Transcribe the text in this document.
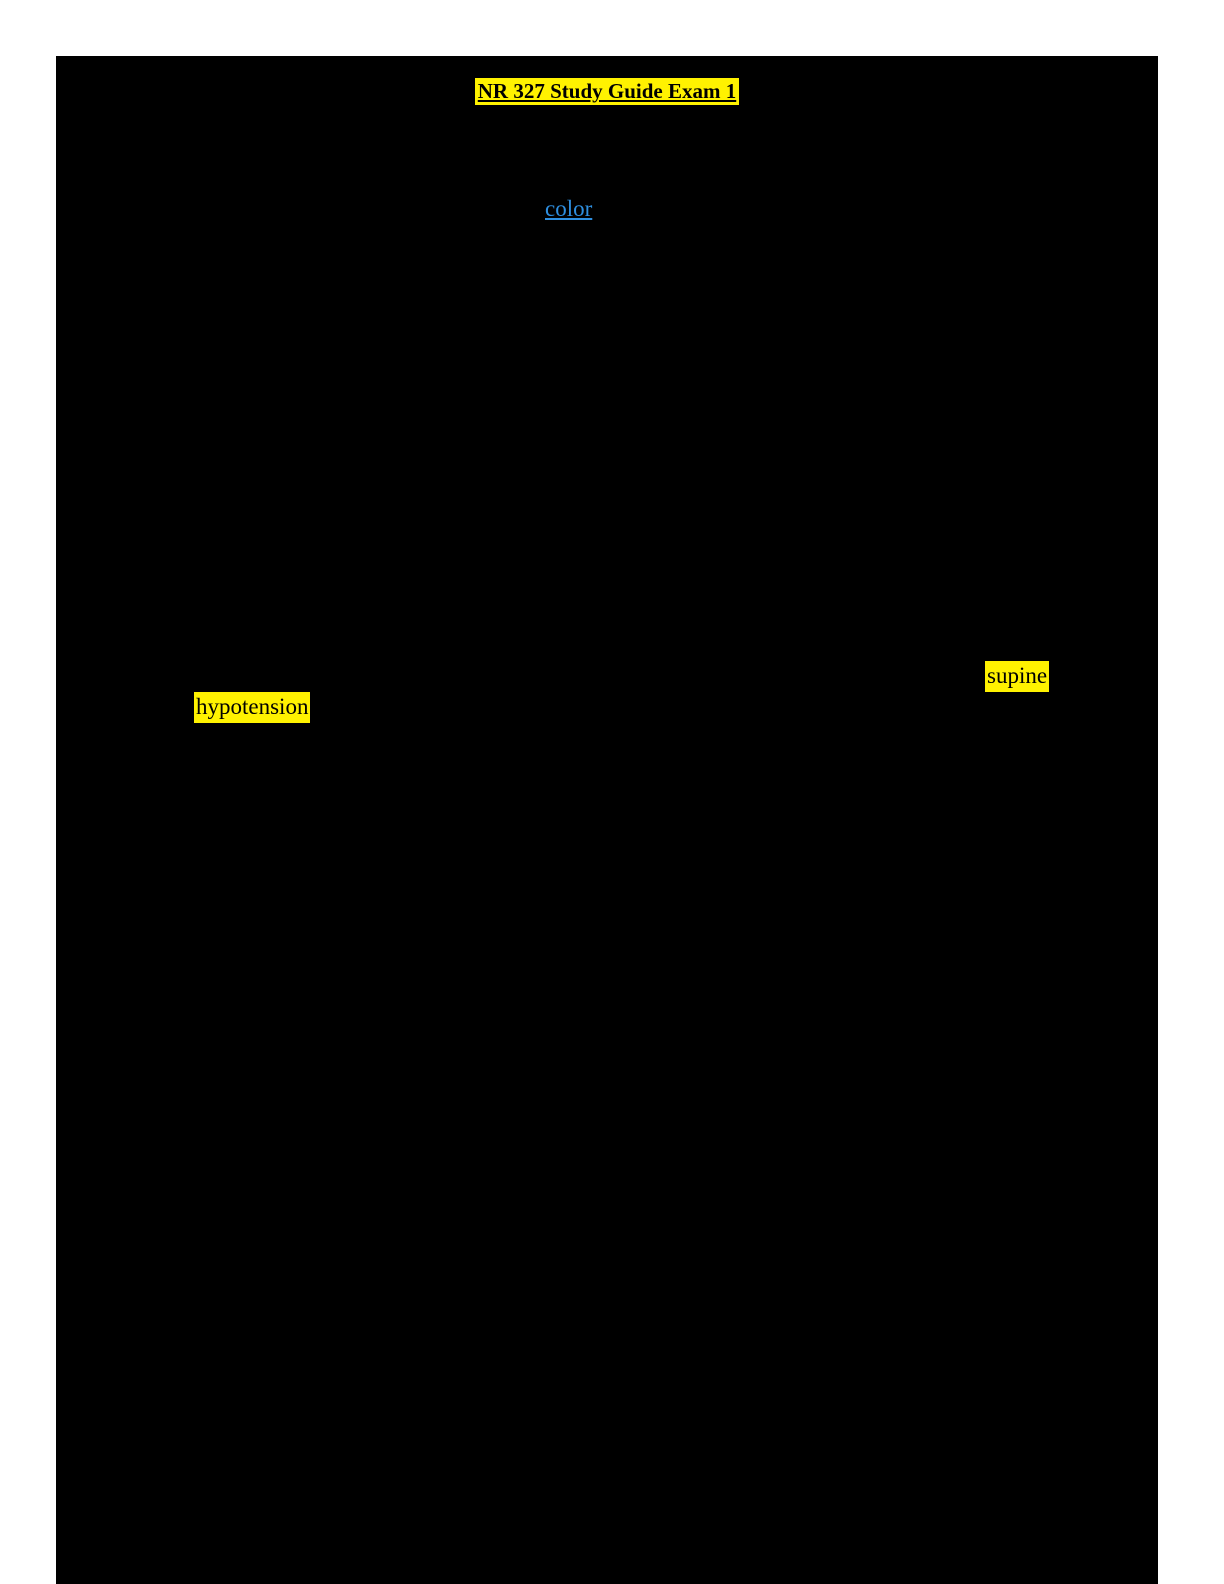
NR 327 Study Guide Exam 1
color
supine
hypotension
